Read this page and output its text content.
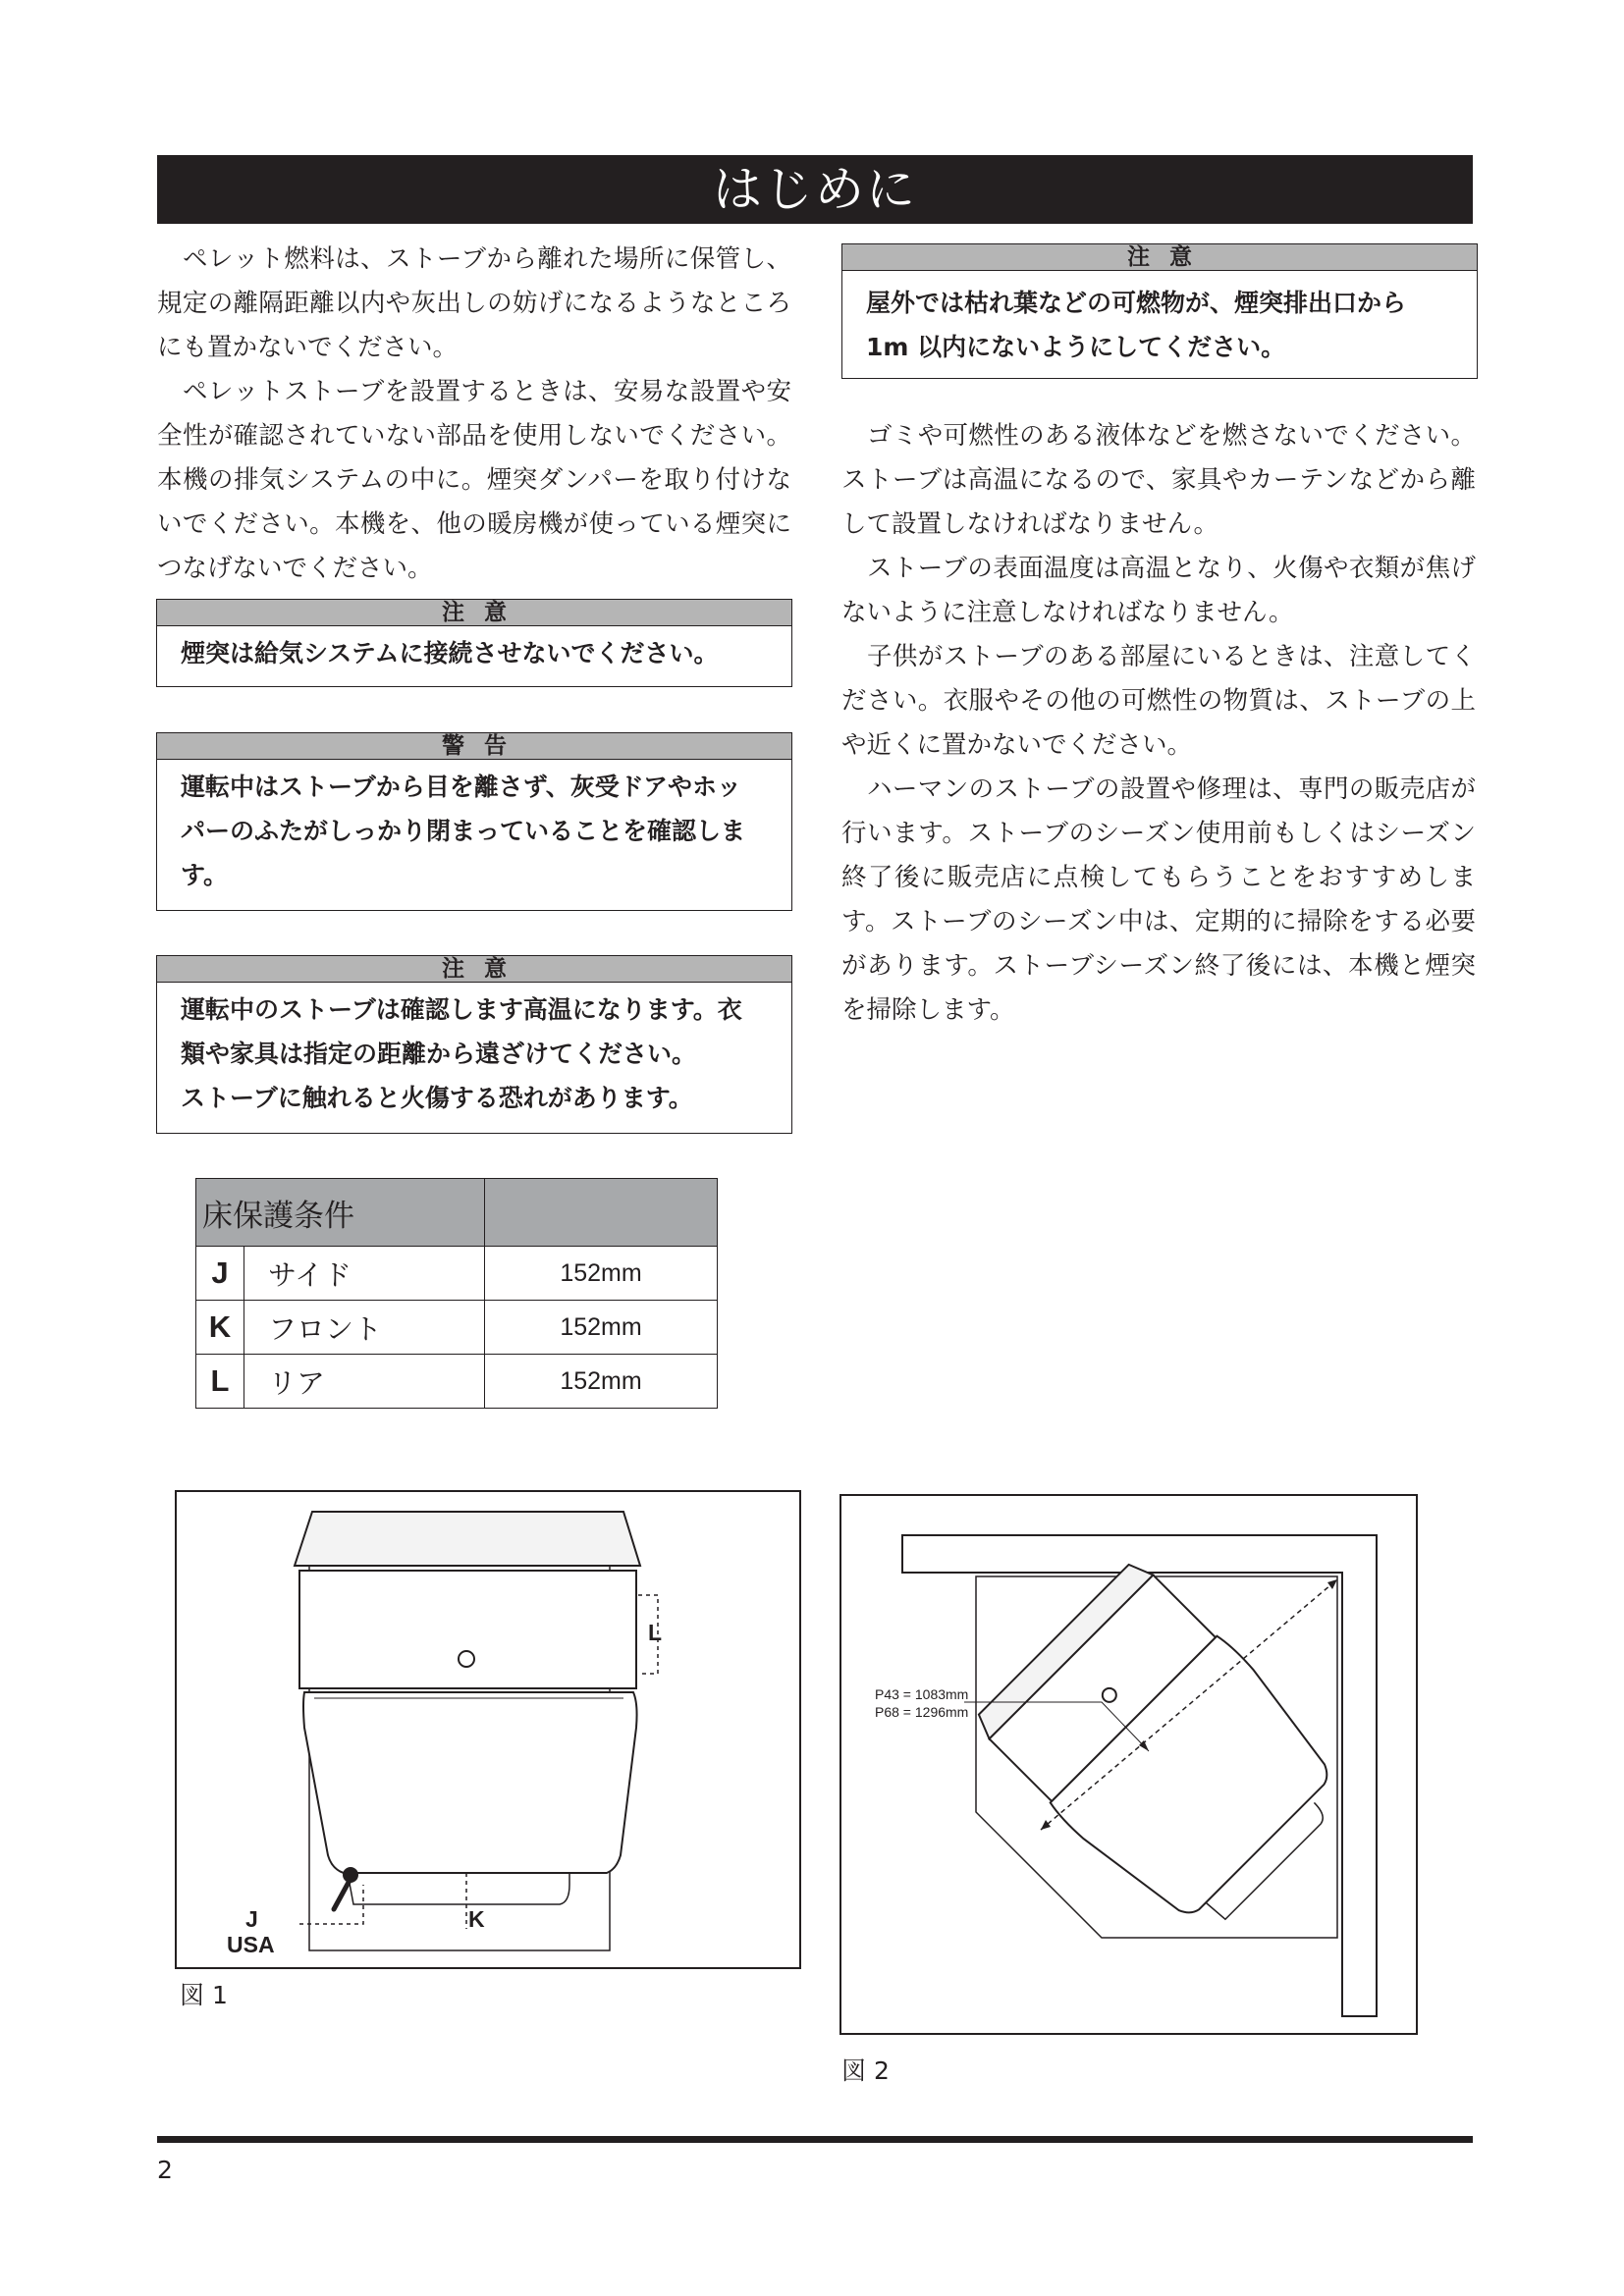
はじめに

ペレット燃料は、ストーブから離れた場所に保管し、規定の離隔距離以内や灰出しの妨げになるようなところにも置かないでください。

ペレットストーブを設置するときは、安易な設置や安全性が確認されていない部品を使用しないでください。本機の排気システムの中に。煙突ダンパーを取り付けないでください。本機を、他の暖房機が使っている煙突につなげないでください。

注意
煙突は給気システムに接続させないでください。
警告
運転中はストーブから目を離さず、灰受ドアやホッ
パーのふたがしっかり閉まっていることを確認しま
す。
注意
運転中のストーブは確認します高温になります。衣
類や家具は指定の距離から遠ざけてください。
ストーブに触れると火傷する恐れがあります。
注意
屋外では枯れ葉などの可燃物が、煙突排出口から
1m 以内にないようにしてください。

ゴミや可燃性のある液体などを燃さないでください。ストーブは高温になるので、家具やカーテンなどから離して設置しなければなりません。

ストーブの表面温度は高温となり、火傷や衣類が焦げないように注意しなければなりません。

子供がストーブのある部屋にいるときは、注意してください。衣服やその他の可燃性の物質は、ストーブの上や近くに置かないでください。

ハーマンのストーブの設置や修理は、専門の販売店が行います。ストーブのシーズン使用前もしくはシーズン終了後に販売店に点検してもらうことをおすすめします。ストーブのシーズン中は、定期的に掃除をする必要があります。ストーブシーズン終了後には、本機と煙突を掃除します。

床保護条件		
J	サイド	152mm
K	フロント	152mm
L	リア	152mm
L
J
USA
K
図 1
P43 = 1083mm
P68 = 1296mm
図 2
2
